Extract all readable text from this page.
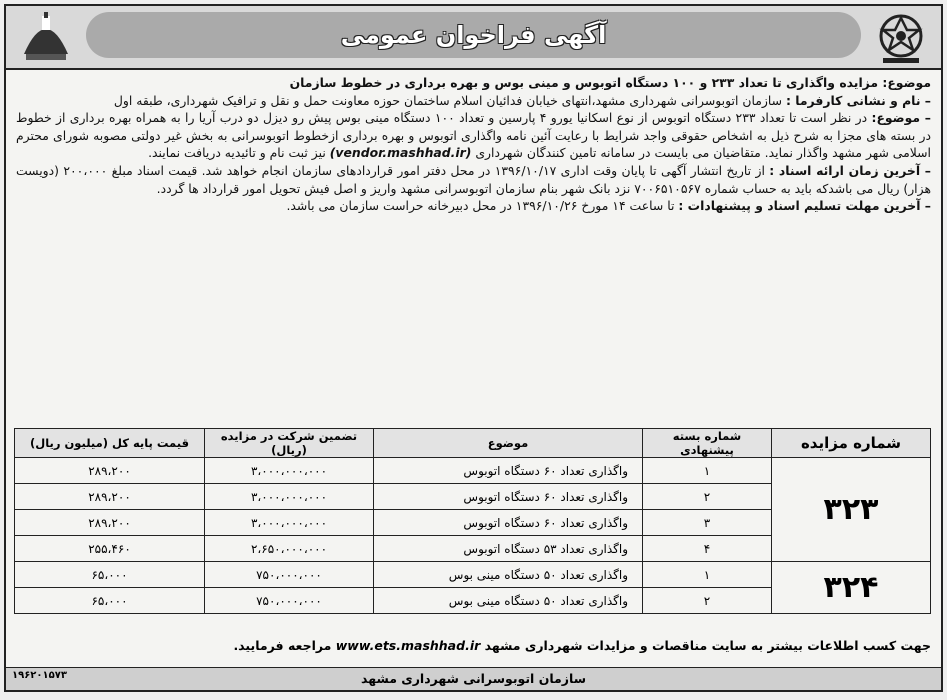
آگهی فراخوان عمومی

موضوع: مزایده واگذاری تا تعداد ۲۳۳ و ۱۰۰ دستگاه اتوبوس و مینی بوس و بهره برداری در خطوط سازمان

– نام و نشانی کارفرما : سازمان اتوبوسرانی شهرداری مشهد،انتهای خیابان فدائیان اسلام ساختمان حوزه معاونت حمل و نقل و ترافیک شهرداری، طبقه اول

– موضوع: در نظر است تا تعداد ۲۳۳ دستگاه اتوبوس از نوع اسکانیا یورو ۴ پارسین و تعداد ۱۰۰ دستگاه مینی بوس پیش رو دیزل دو درب آریا را به همراه بهره برداری از خطوط در بسته های مجزا به شرح ذیل به اشخاص حقوقی واجد شرایط با رعایت آئین نامه واگذاری اتوبوس و بهره برداری ازخطوط اتوبوسرانی به بخش غیر دولتی مصوبه شورای محترم اسلامی شهر مشهد واگذار نماید. متقاضیان می بایست در سامانه تامین کنندگان شهرداری (vendor.mashhad.ir) نیز ثبت نام و تائیدیه دریافت نمایند.

– آخرین زمان ارائه اسناد : از تاریخ انتشار آگهی تا پایان وقت اداری ۱۳۹۶/۱۰/۱۷ در محل دفتر امور قراردادهای سازمان انجام خواهد شد. قیمت اسناد مبلغ ۲۰۰،۰۰۰ (دویست هزار) ریال می باشدکه باید به حساب شماره ۷۰۰۶۵۱۰۵۶۷ نزد بانک شهر بنام سازمان اتوبوسرانی مشهد واریز و اصل فیش تحویل امور قرارداد ها گردد.

– آخرین مهلت تسلیم اسناد و پیشنهادات : تا ساعت ۱۴ مورخ ۱۳۹۶/۱۰/۲۶ در محل دبیرخانه حراست سازمان می باشد.

شماره مزایده	شماره بسته پیشنهادی	موضوع	تضمین شرکت در مزایده (ریال)	قیمت پایه کل (میلیون ریال)
۳۲۳	۱	واگذاری تعداد ۶۰ دستگاه اتوبوس	۳،۰۰۰،۰۰۰،۰۰۰	۲۸۹،۲۰۰
	۲	واگذاری تعداد ۶۰ دستگاه اتوبوس	۳،۰۰۰،۰۰۰،۰۰۰	۲۸۹،۲۰۰
	۳	واگذاری تعداد ۶۰ دستگاه اتوبوس	۳،۰۰۰،۰۰۰،۰۰۰	۲۸۹،۲۰۰
	۴	واگذاری تعداد ۵۳ دستگاه اتوبوس	۲،۶۵۰،۰۰۰،۰۰۰	۲۵۵،۴۶۰
۳۲۴	۱	واگذاری تعداد ۵۰ دستگاه مینی بوس	۷۵۰،۰۰۰،۰۰۰	۶۵،۰۰۰
	۲	واگذاری تعداد ۵۰ دستگاه مینی بوس	۷۵۰،۰۰۰،۰۰۰	۶۵،۰۰۰
جهت کسب اطلاعات بیشتر به سایت مناقصات و مزایدات شهرداری مشهد www.ets.mashhad.ir مراجعه فرمایید.
سازمان اتوبوسرانی شهرداری مشهد
۱۹۶۲۰۱۵۷۳
